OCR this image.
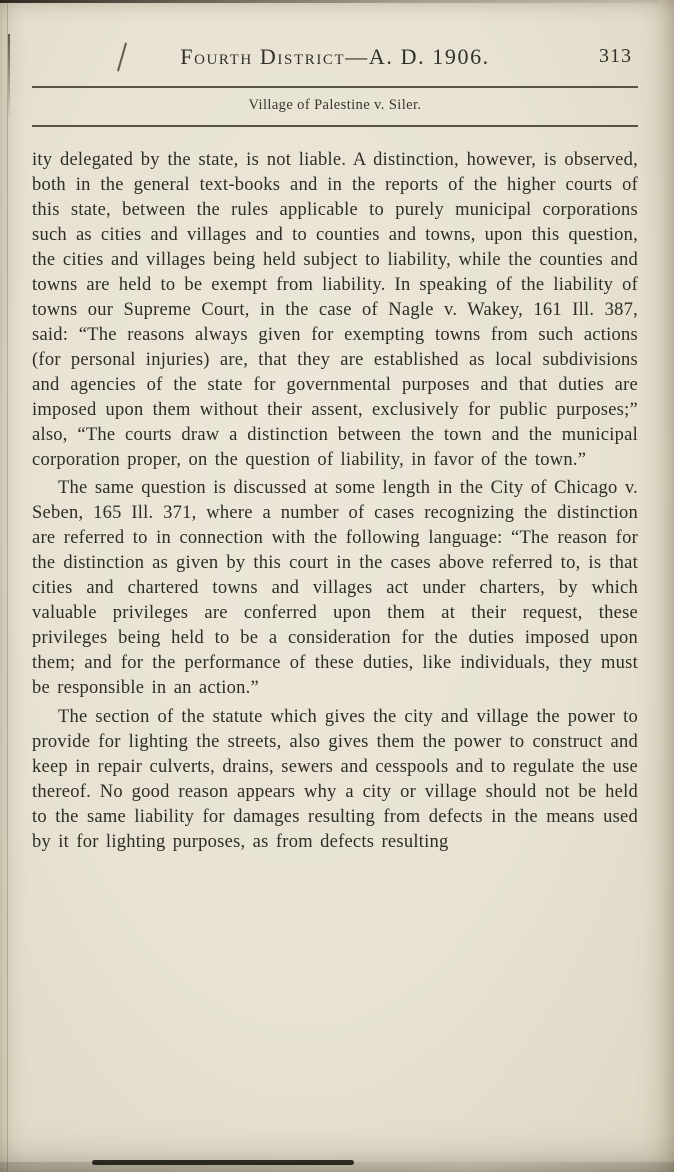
Fourth District—A. D. 1906.	313
Village of Palestine v. Siler.

ity delegated by the state, is not liable. A distinction, however, is observed, both in the general text-books and in the reports of the higher courts of this state, between the rules applicable to purely municipal corporations such as cities and villages and to counties and towns, upon this question, the cities and villages being held subject to liability, while the counties and towns are held to be exempt from liability. In speaking of the liability of towns our Supreme Court, in the case of Nagle v. Wakey, 161 Ill. 387, said: “The reasons always given for exempting towns from such actions (for personal injuries) are, that they are established as local subdivisions and agencies of the state for governmental purposes and that duties are imposed upon them without their assent, exclusively for public purposes;” also, “The courts draw a distinction between the town and the municipal corporation proper, on the question of liability, in favor of the town.”

The same question is discussed at some length in the City of Chicago v. Seben, 165 Ill. 371, where a number of cases recognizing the distinction are referred to in connection with the following language: “The reason for the distinction as given by this court in the cases above referred to, is that cities and chartered towns and villages act under charters, by which valuable privileges are conferred upon them at their request, these privileges being held to be a consideration for the duties imposed upon them; and for the performance of these duties, like individuals, they must be responsible in an action.”

The section of the statute which gives the city and village the power to provide for lighting the streets, also gives them the power to construct and keep in repair culverts, drains, sewers and cesspools and to regulate the use thereof. No good reason appears why a city or village should not be held to the same liability for damages resulting from defects in the means used by it for lighting purposes, as from defects resulting
